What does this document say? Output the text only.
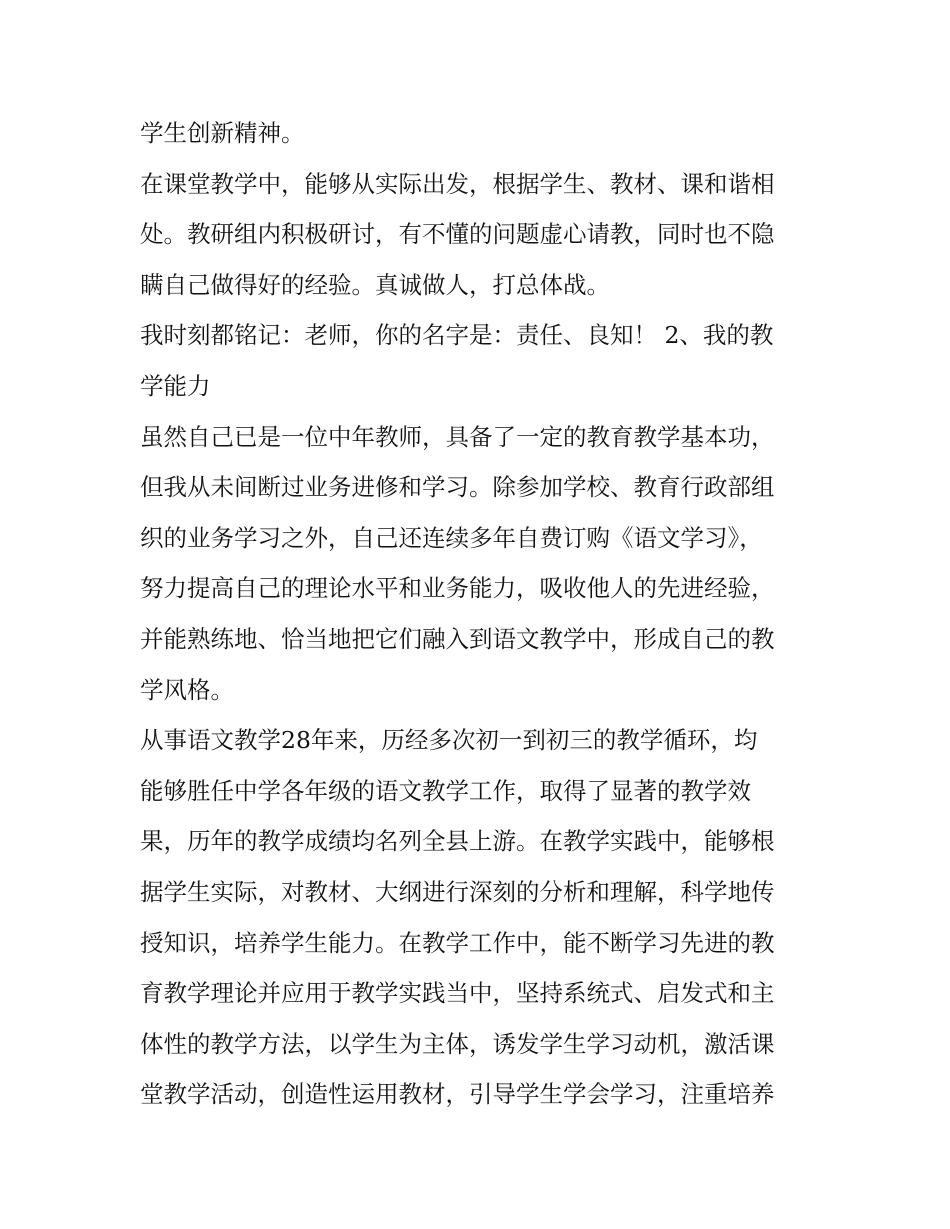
学生创新精神。
在课堂教学中，能够从实际出发，根据学生、教材、课和谐相
处。教研组内积极研讨，有不懂的问题虚心请教，同时也不隐
瞒自己做得好的经验。真诚做人，打总体战。
我时刻都铭记：老师，你的名字是：责任、良知！ 2、我的教
学能力
虽然自己已是一位中年教师，具备了一定的教育教学基本功，
但我从未间断过业务进修和学习。除参加学校、教育行政部组
织的业务学习之外，自己还连续多年自费订购《语文学习》，
努力提高自己的理论水平和业务能力，吸收他人的先进经验，
并能熟练地、恰当地把它们融入到语文教学中，形成自己的教
学风格。
从事语文教学28年来，历经多次初一到初三的教学循环，均
能够胜任中学各年级的语文教学工作，取得了显著的教学效
果，历年的教学成绩均名列全县上游。在教学实践中，能够根
据学生实际，对教材、大纲进行深刻的分析和理解，科学地传
授知识，培养学生能力。在教学工作中，能不断学习先进的教
育教学理论并应用于教学实践当中，坚持系统式、启发式和主
体性的教学方法，以学生为主体，诱发学生学习动机，激活课
堂教学活动，创造性运用教材，引导学生学会学习，注重培养
